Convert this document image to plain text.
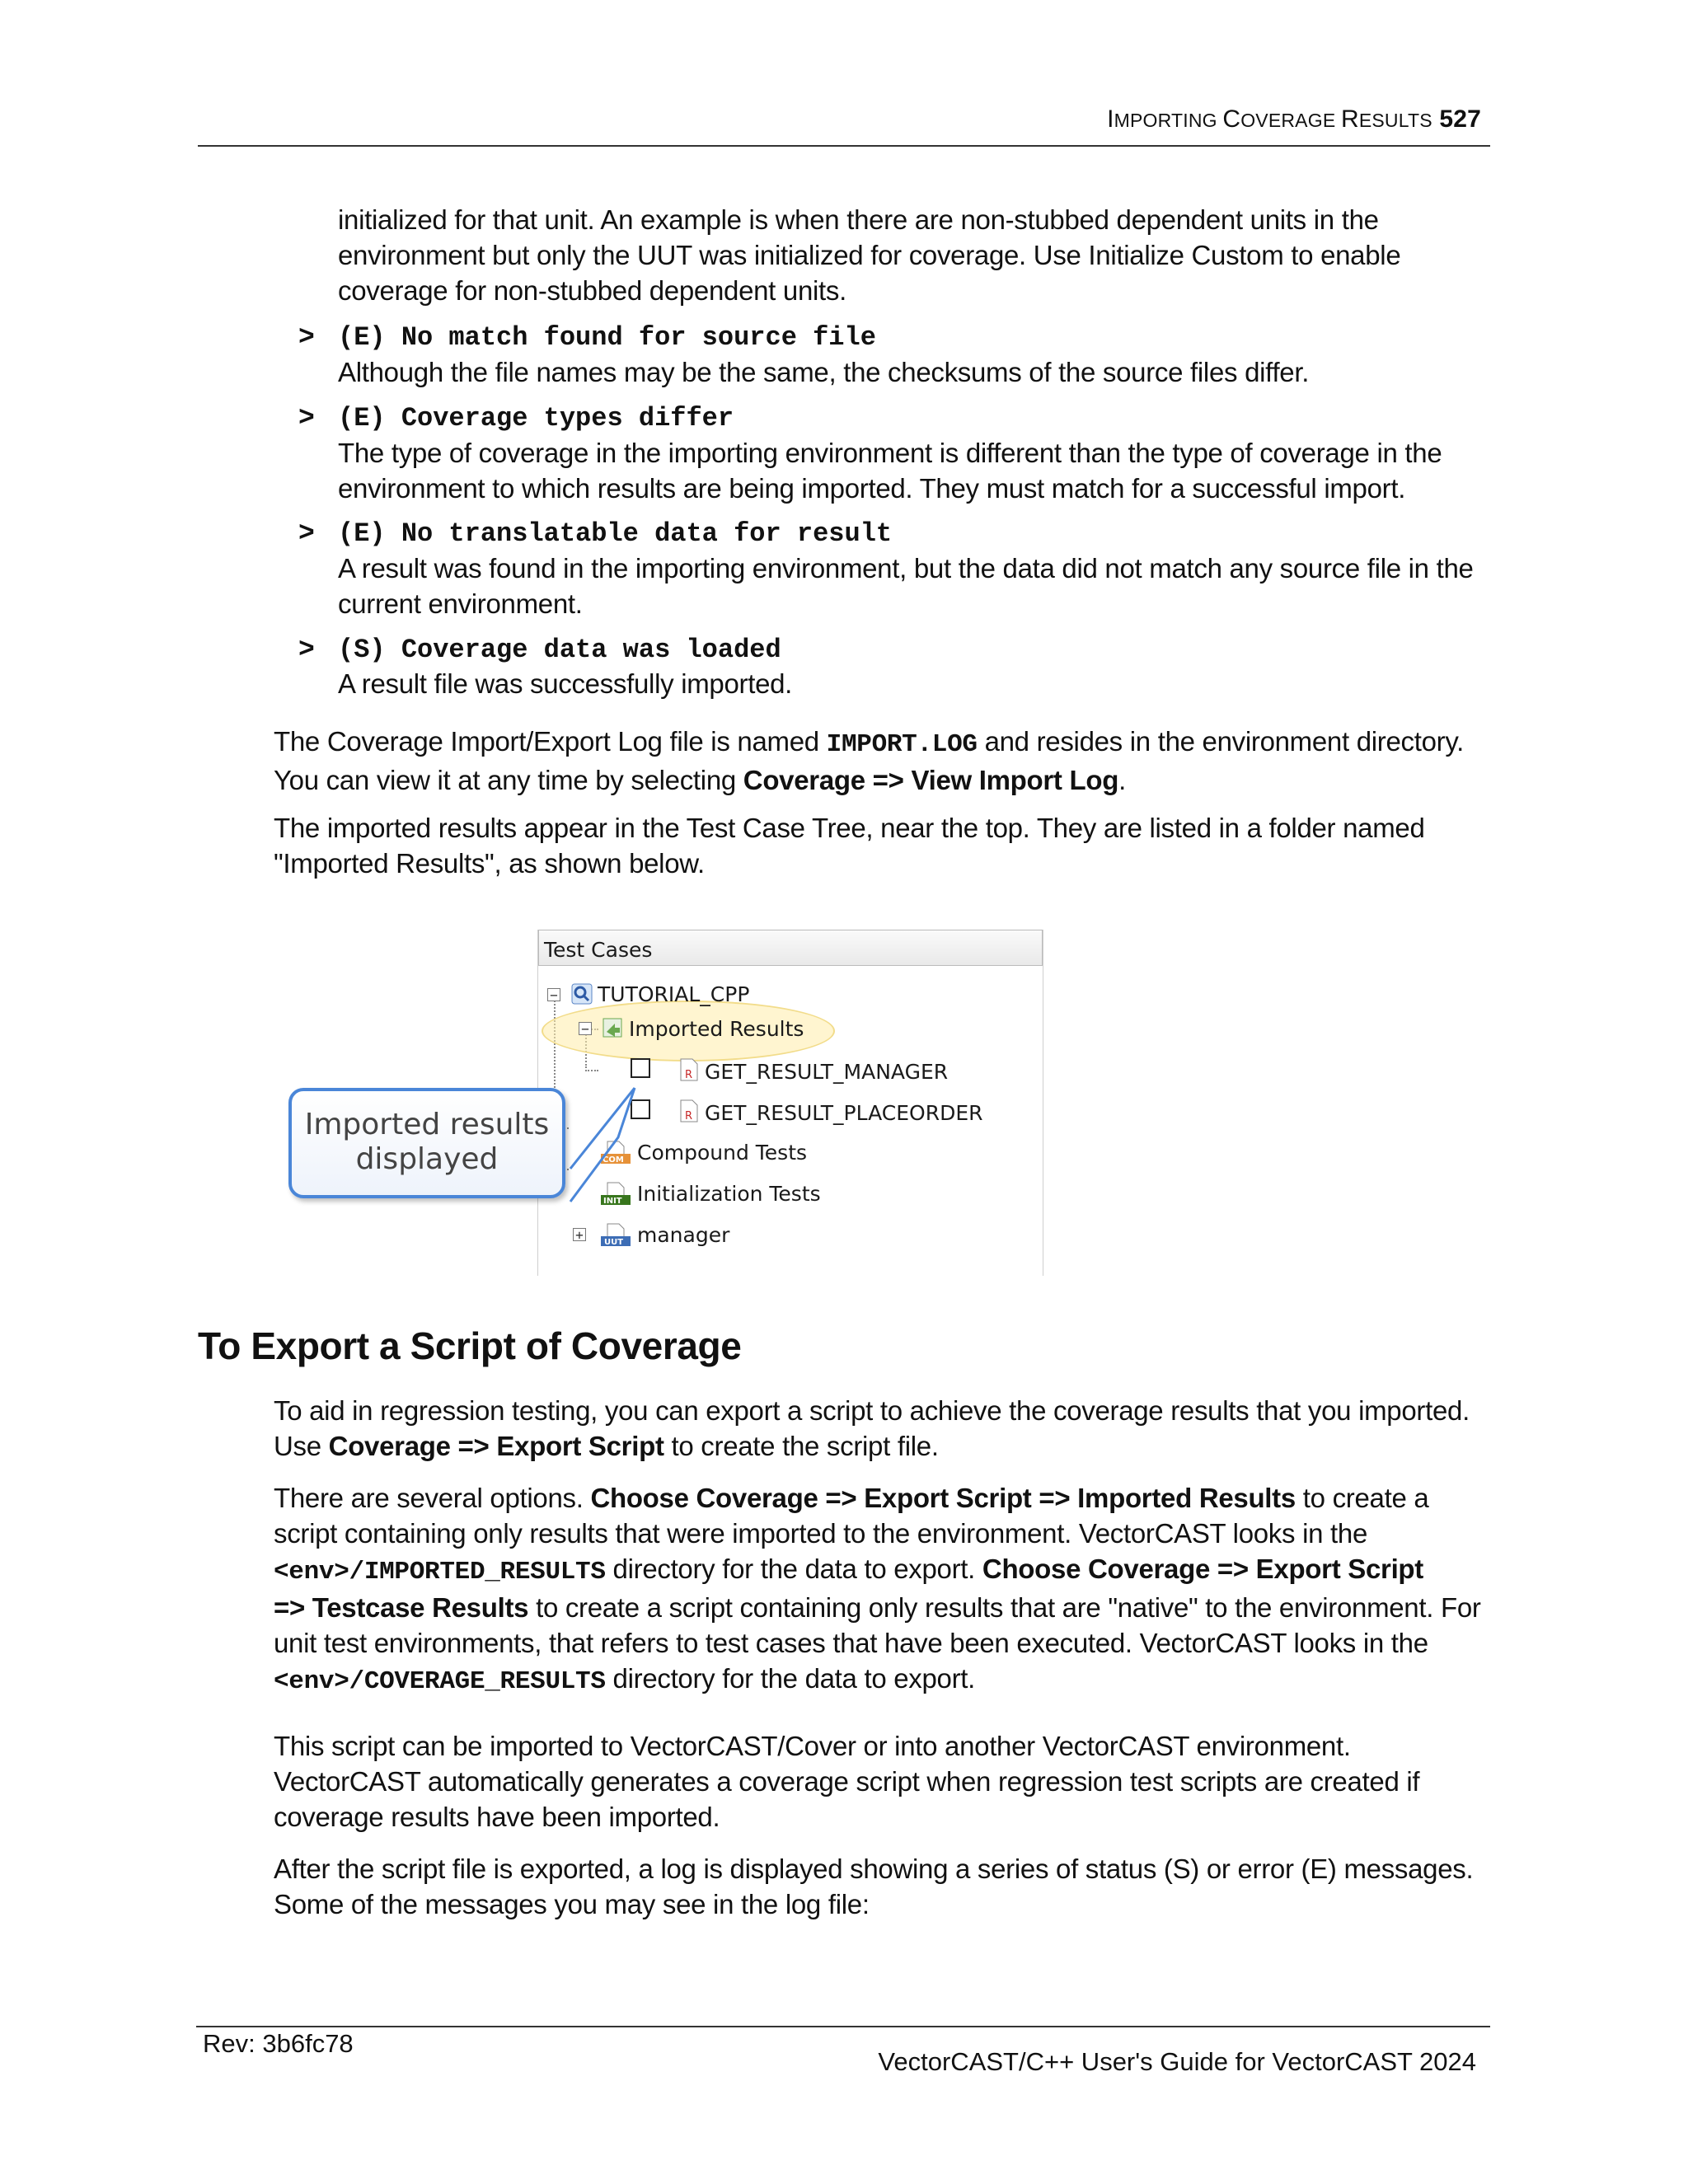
IMPORTING COVERAGE RESULTS 527
initialized for that unit. An example is when there are non-stubbed dependent units in the
environment but only the UUT was initialized for coverage. Use Initialize Custom to enable
coverage for non-stubbed dependent units.
> (E) No match found for source file
Although the file names may be the same, the checksums of the source files differ.
> (E) Coverage types differ
The type of coverage in the importing environment is different than the type of coverage in the
environment to which results are being imported. They must match for a successful import.
> (E) No translatable data for result
A result was found in the importing environment, but the data did not match any source file in the
current environment.
> (S) Coverage data was loaded
A result file was successfully imported.
The Coverage Import/Export Log file is named IMPORT.LOG and resides in the environment directory.
You can view it at any time by selecting Coverage => View Import Log.
The imported results appear in the Test Case Tree, near the top. They are listed in a folder named
"Imported Results", as shown below.
Test Cases
− TUTORIAL_CPP
− Imported Results
R GET_RESULT_MANAGER
R GET_RESULT_PLACEORDER
COM Compound Tests
INIT Initialization Tests
+	UUT manager
Imported results
displayed
To Export a Script of Coverage
To aid in regression testing, you can export a script to achieve the coverage results that you imported.
Use Coverage => Export Script to create the script file.
There are several options. Choose Coverage => Export Script => Imported Results to create a
script containing only results that were imported to the environment. VectorCAST looks in the
<env>/IMPORTED_RESULTS directory for the data to export. Choose Coverage => Export Script
=> Testcase Results to create a script containing only results that are "native" to the environment. For
unit test environments, that refers to test cases that have been executed. VectorCAST looks in the
<env>/COVERAGE_RESULTS directory for the data to export.
This script can be imported to VectorCAST/Cover or into another VectorCAST environment.
VectorCAST automatically generates a coverage script when regression test scripts are created if
coverage results have been imported.
After the script file is exported, a log is displayed showing a series of status (S) or error (E) messages.
Some of the messages you may see in the log file:
Rev: 3b6fc78
VectorCAST/C++ User's Guide for VectorCAST 2024
